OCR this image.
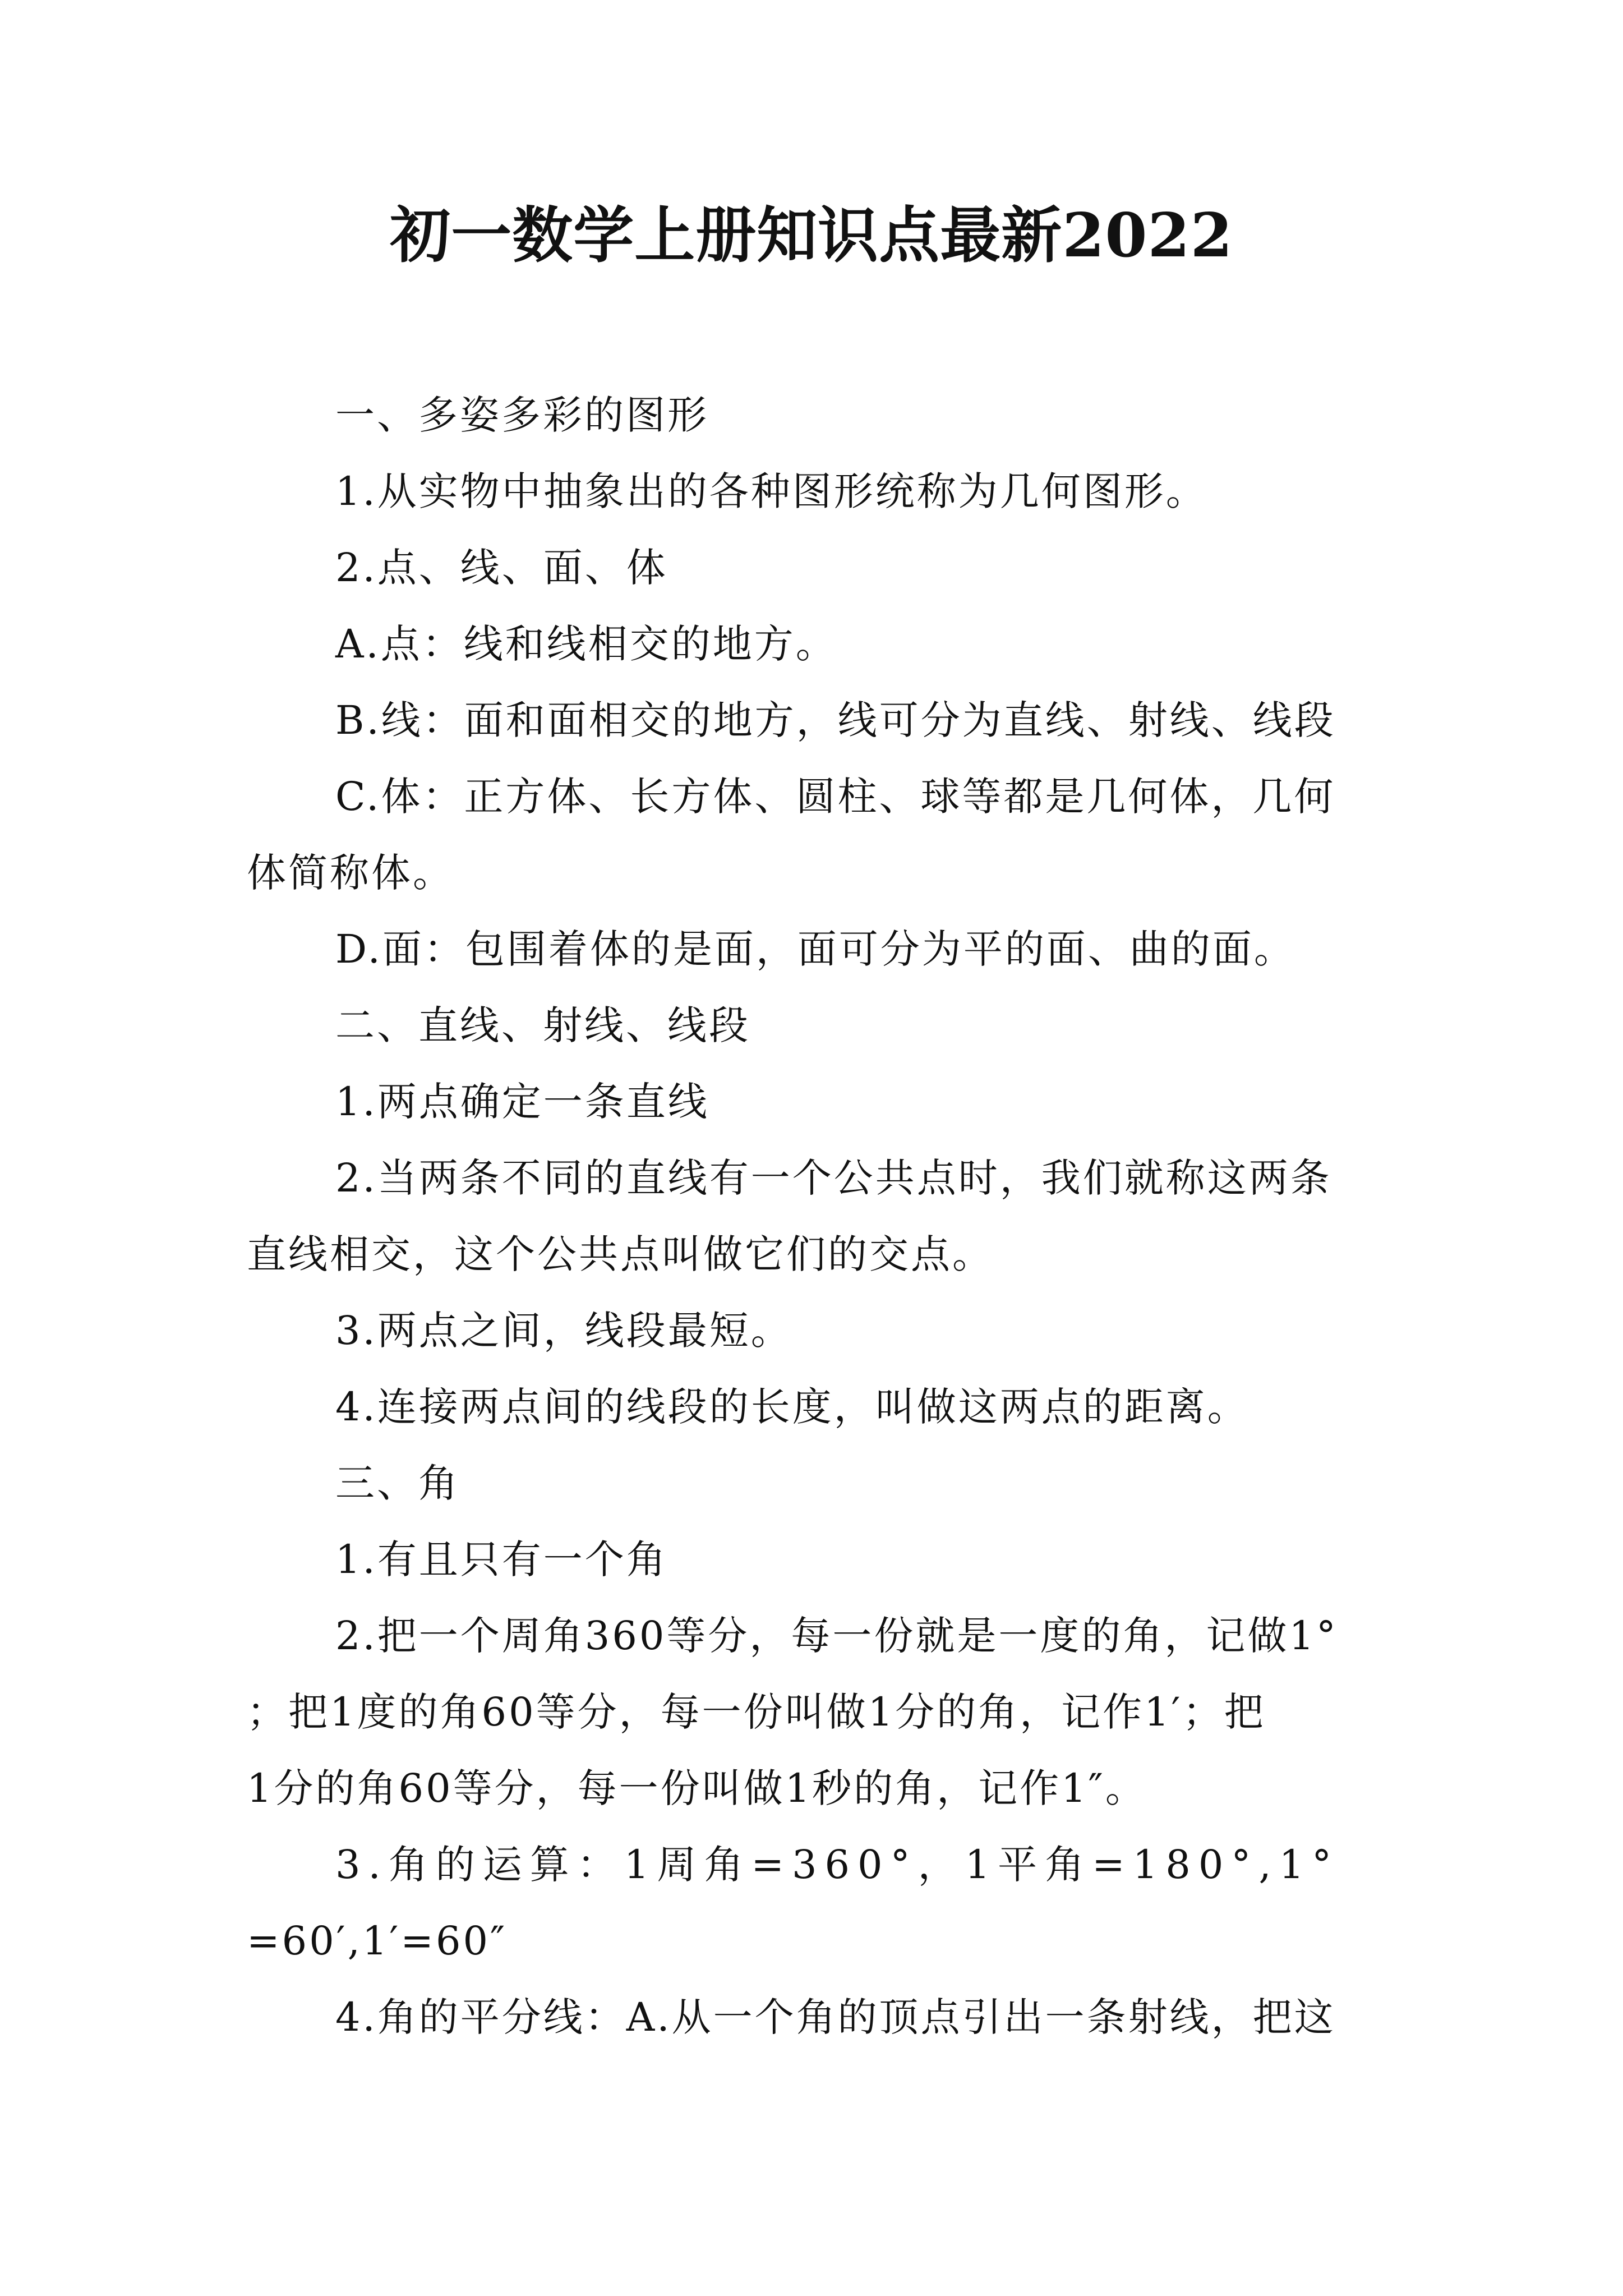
初一数学上册知识点最新2022

一、多姿多彩的图形

1.从实物中抽象出的各种图形统称为几何图形。

2.点、线、面、体

A.点：线和线相交的地方。

B.线：面和面相交的地方，线可分为直线、射线、线段

C.体：正方体、长方体、圆柱、球等都是几何体，几何

体简称体。

D.面：包围着体的是面，面可分为平的面、曲的面。

二、直线、射线、线段

1.两点确定一条直线

2.当两条不同的直线有一个公共点时，我们就称这两条

直线相交，这个公共点叫做它们的交点。

3.两点之间，线段最短。

4.连接两点间的线段的长度，叫做这两点的距离。

三、角

1.有且只有一个角

2.把一个周角360等分，每一份就是一度的角，记做1°

；把1度的角60等分，每一份叫做1分的角，记作1′；把

1分的角60等分，每一份叫做1秒的角，记作1″。

3.角的运算：1周角=360°，1平角=180°,1°

=60′,1′=60″

4.角的平分线：A.从一个角的顶点引出一条射线，把这
